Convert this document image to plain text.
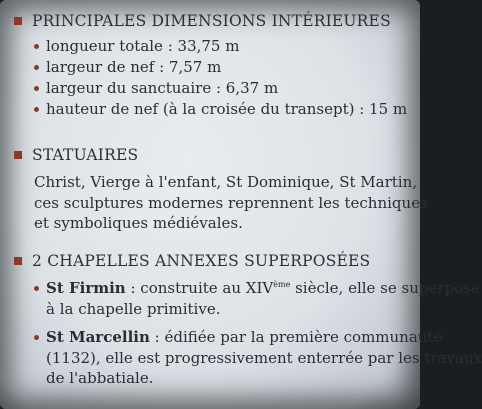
PRINCIPALES DIMENSIONS INTÉRIEURES
longueur totale : 33,75 m
largeur de nef : 7,57 m
largeur du sanctuaire : 6,37 m
hauteur de nef (à la croisée du transept) : 15 m
STATUAIRES
Christ, Vierge à l'enfant, St Dominique, St Martin,
ces sculptures modernes reprennent les techniques
et symboliques médiévales.
2 CHAPELLES ANNEXES SUPERPOSÉES
St Firmin : construite au XIVème siècle, elle se superpose
à la chapelle primitive.
St Marcellin : édifiée par la première communauté
(1132), elle est progressivement enterrée par les travaux
de l'abbatiale.
